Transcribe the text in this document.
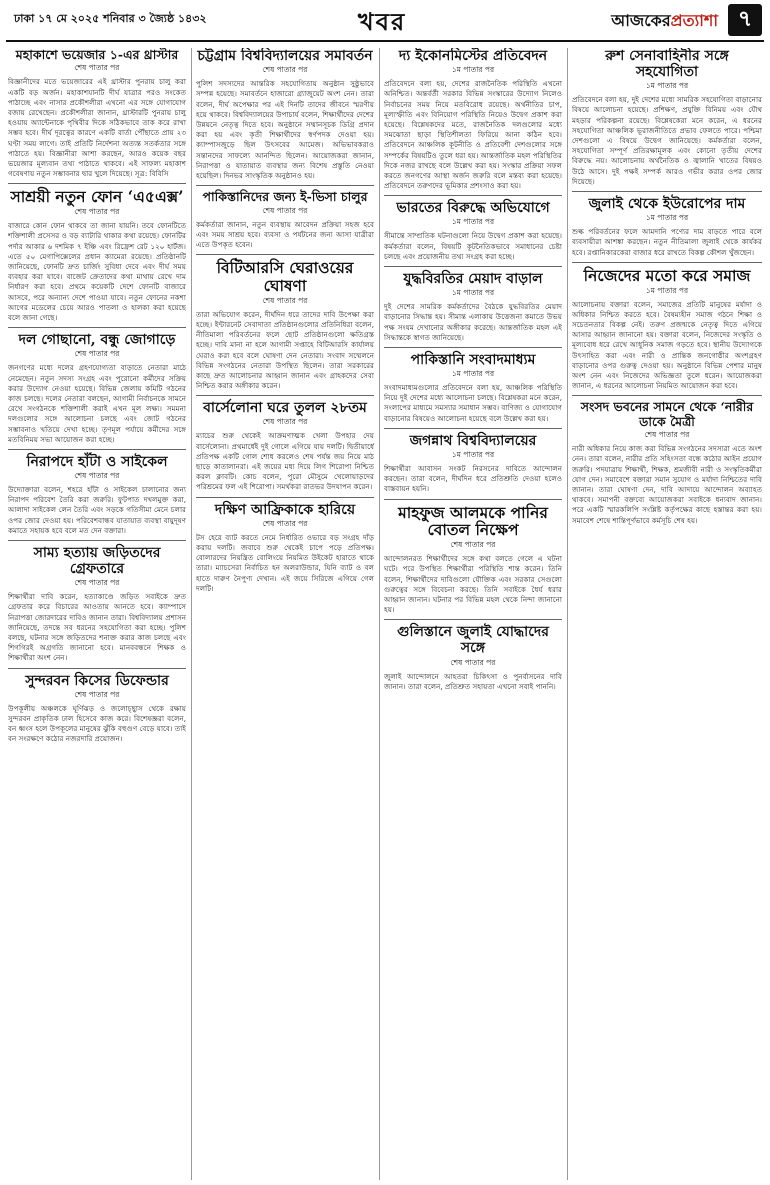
ঢাকা ১৭ মে ২০২৫ শনিবার ৩ জ্যৈষ্ঠ ১৪৩২	খবর	আজকেরপ্রত্যাশা ৭
মহাকাশে ভয়েজার ১-এর থ্রাস্টার
শেষ পাতার পর

বিজ্ঞানীদের মতে ভয়েজারের এই থ্রাস্টার পুনরায় চালু করা একটি বড় অর্জন। মহাকাশযানটি দীর্ঘ যাত্রার পরও সংকেত পাঠাচ্ছে এবং নাসার প্রকৌশলীরা এখনো এর সঙ্গে যোগাযোগ বজায় রেখেছেন। প্রকৌশলীরা জানান, থ্রাস্টারটি পুনরায় চালু হওয়ায় অ্যান্টেনাকে পৃথিবীর দিকে সঠিকভাবে তাক করে রাখা সম্ভব হবে। দীর্ঘ দূরত্বের কারণে একটি বার্তা পৌঁছাতে প্রায় ২৩ ঘণ্টা সময় লাগে। তাই প্রতিটি নির্দেশনা অত্যন্ত সতর্কতার সঙ্গে পাঠাতে হয়। বিজ্ঞানীরা আশা করছেন, আরও কয়েক বছর ভয়েজার মূল্যবান তথ্য পাঠাতে থাকবে। এই সাফল্য মহাকাশ গবেষণায় নতুন সম্ভাবনার দ্বার খুলে দিয়েছে। সূত্র: বিবিসি

সাশ্রয়ী নতুন ফোন ‘এ৫এক্স’
শেষ পাতার পর

বাজারে কোন ফোন থাকবে তা জানা যায়নি। তবে ফোনটিতে শক্তিশালী প্রসেসর ও বড় ব্যাটারি থাকার কথা রয়েছে। ফোনটির পর্দার আকার ৬ দশমিক ৭ ইঞ্চি এবং রিফ্রেশ রেট ১২০ হার্টজ। এতে ৫০ মেগাপিক্সেলের প্রধান ক্যামেরা রয়েছে। প্রতিষ্ঠানটি জানিয়েছে, ফোনটি দ্রুত চার্জিং সুবিধা দেবে এবং দীর্ঘ সময় ব্যবহার করা যাবে। বাজেট ক্রেতাদের কথা মাথায় রেখে দাম নির্ধারণ করা হবে। প্রথমে কয়েকটি দেশে ফোনটি বাজারে আসবে, পরে অন্যান্য দেশে পাওয়া যাবে। নতুন ফোনের নকশা আগের মডেলের চেয়ে আরও পাতলা ও হালকা করা হয়েছে বলে জানা গেছে।

দল গোছানো, বন্ধু জোগাড়ে
শেষ পাতার পর

জনগণের মধ্যে দলের গ্রহণযোগ্যতা বাড়াতে নেতারা মাঠে নেমেছেন। নতুন সদস্য সংগ্রহ এবং পুরোনো কর্মীদের সক্রিয় করার উদ্যোগ নেওয়া হয়েছে। বিভিন্ন জেলায় কমিটি গঠনের কাজ চলছে। দলের নেতারা বলছেন, আগামী নির্বাচনকে সামনে রেখে সংগঠনকে শক্তিশালী করাই এখন মূল লক্ষ্য। সমমনা দলগুলোর সঙ্গে আলোচনা চলছে এবং জোট গঠনের সম্ভাবনাও খতিয়ে দেখা হচ্ছে। তৃণমূল পর্যায়ে কর্মীদের সঙ্গে মতবিনিময় সভা আয়োজন করা হচ্ছে।

নিরাপদে হাঁটা ও সাইকেল
শেষ পাতার পর

উদ্যোক্তারা বলেন, শহরে হাঁটা ও সাইকেল চালানোর জন্য নিরাপদ পরিবেশ তৈরি করা জরুরি। ফুটপাত দখলমুক্ত করা, আলাদা সাইকেল লেন তৈরি এবং সড়কে গতিসীমা মেনে চলার ওপর জোর দেওয়া হয়। পরিবেশবান্ধব যাতায়াত ব্যবস্থা বায়ুদূষণ কমাতে সহায়ক হবে বলে মত দেন বক্তারা।

সাম্য হত্যায় জড়িতদের গ্রেফতারে
শেষ পাতার পর

শিক্ষার্থীরা দাবি করেন, হত্যাকাণ্ডে জড়িত সবাইকে দ্রুত গ্রেফতার করে বিচারের আওতায় আনতে হবে। ক্যাম্পাসে নিরাপত্তা জোরদারের দাবিও জানান তারা। বিশ্ববিদ্যালয় প্রশাসন জানিয়েছে, তদন্তে সব ধরনের সহযোগিতা করা হচ্ছে। পুলিশ বলছে, ঘটনার সঙ্গে জড়িতদের শনাক্ত করার কাজ চলছে এবং শিগগিরই অগ্রগতি জানানো হবে। মানববন্ধনে শিক্ষক ও শিক্ষার্থীরা অংশ নেন।

সুন্দরবন কিসের ডিফেন্ডার
শেষ পাতার পর

উপকূলীয় অঞ্চলকে ঘূর্ণিঝড় ও জলোচ্ছ্বাস থেকে রক্ষায় সুন্দরবন প্রাকৃতিক ঢাল হিসেবে কাজ করে। বিশেষজ্ঞরা বলেন, বন ধ্বংস হলে উপকূলের মানুষের ঝুঁকি বহুগুণ বেড়ে যাবে। তাই বন সংরক্ষণে কঠোর নজরদারি প্রয়োজন।

চট্টগ্রাম বিশ্ববিদ্যালয়ের সমাবর্তন
শেষ পাতার পর

পুলিশ সদস্যদের আন্তরিক সহযোগিতায় অনুষ্ঠান সুষ্ঠুভাবে সম্পন্ন হয়েছে। সমাবর্তনে হাজারো গ্র্যাজুয়েট অংশ নেন। তারা বলেন, দীর্ঘ অপেক্ষার পর এই দিনটি তাদের জীবনে স্মরণীয় হয়ে থাকবে। বিশ্ববিদ্যালয়ের উপাচার্য বলেন, শিক্ষার্থীদের দেশের উন্নয়নে নেতৃত্ব দিতে হবে। অনুষ্ঠানে সম্মানসূচক ডিগ্রি প্রদান করা হয় এবং কৃতী শিক্ষার্থীদের স্বর্ণপদক দেওয়া হয়। ক্যাম্পাসজুড়ে ছিল উৎসবের আমেজ। অভিভাবকরাও সন্তানদের সাফল্যে আনন্দিত ছিলেন। আয়োজকরা জানান, নিরাপত্তা ও যাতায়াত ব্যবস্থার জন্য বিশেষ প্রস্তুতি নেওয়া হয়েছিল। দিনভর সাংস্কৃতিক অনুষ্ঠানও হয়।

পাকিস্তানিদের জন্য ই-ভিসা চালুর
শেষ পাতার পর

কর্মকর্তারা জানান, নতুন ব্যবস্থায় আবেদন প্রক্রিয়া সহজ হবে এবং সময় সাশ্রয় হবে। ব্যবসা ও পর্যটনের জন্য আসা যাত্রীরা এতে উপকৃত হবেন।

বিটিআরসি ঘেরাওয়ের ঘোষণা
শেষ পাতার পর

তারা অভিযোগ করেন, দীর্ঘদিন ধরে তাদের দাবি উপেক্ষা করা হচ্ছে। ইন্টারনেট সেবাদাতা প্রতিষ্ঠানগুলোর প্রতিনিধিরা বলেন, নীতিমালা পরিবর্তনের ফলে ছোট প্রতিষ্ঠানগুলো ক্ষতিগ্রস্ত হচ্ছে। দাবি মানা না হলে আগামী সপ্তাহে বিটিআরসি কার্যালয় ঘেরাও করা হবে বলে ঘোষণা দেন নেতারা। সংবাদ সম্মেলনে বিভিন্ন সংগঠনের নেতারা উপস্থিত ছিলেন। তারা সরকারের কাছে দ্রুত আলোচনার আহ্বান জানান এবং গ্রাহকদের সেবা নিশ্চিত করার অঙ্গীকার করেন।

বার্সেলোনা ঘরে তুলল ২৮তম
শেষ পাতার পর

ম্যাচের শুরু থেকেই আক্রমণাত্মক খেলা উপহার দেয় বার্সেলোনা। প্রথমার্ধেই দুই গোলে এগিয়ে যায় দলটি। দ্বিতীয়ার্ধে প্রতিপক্ষ একটি গোল শোধ করলেও শেষ পর্যন্ত জয় নিয়ে মাঠ ছাড়ে কাতালানরা। এই জয়ের মধ্য দিয়ে লিগ শিরোপা নিশ্চিত করল ক্লাবটি। কোচ বলেন, পুরো মৌসুমে খেলোয়াড়দের পরিশ্রমের ফল এই শিরোপা। সমর্থকরা রাতভর উদযাপন করেন।

দক্ষিণ আফ্রিকাকে হারিয়ে
শেষ পাতার পর

টস হেরে ব্যাট করতে নেমে নির্ধারিত ওভারে বড় সংগ্রহ দাঁড় করায় দলটি। জবাবে শুরু থেকেই চাপে পড়ে প্রতিপক্ষ। বোলারদের নিয়ন্ত্রিত বোলিংয়ে নিয়মিত উইকেট হারাতে থাকে তারা। ম্যাচসেরা নির্বাচিত হন অলরাউন্ডার, যিনি ব্যাট ও বল হাতে দারুণ নৈপুণ্য দেখান। এই জয়ে সিরিজে এগিয়ে গেল দলটি।

দ্য ইকোনমিস্টের প্রতিবেদন
১ম পাতার পর

প্রতিবেদনে বলা হয়, দেশের রাজনৈতিক পরিস্থিতি এখনো অনিশ্চিত। অন্তর্বর্তী সরকার বিভিন্ন সংস্কারের উদ্যোগ নিলেও নির্বাচনের সময় নিয়ে মতবিরোধ রয়েছে। অর্থনীতির চাপ, মূল্যস্ফীতি এবং বিনিয়োগ পরিস্থিতি নিয়েও উদ্বেগ প্রকাশ করা হয়েছে। বিশ্লেষকদের মতে, রাজনৈতিক দলগুলোর মধ্যে সমঝোতা ছাড়া স্থিতিশীলতা ফিরিয়ে আনা কঠিন হবে। প্রতিবেদনে আঞ্চলিক কূটনীতি ও প্রতিবেশী দেশগুলোর সঙ্গে সম্পর্কের বিষয়টিও তুলে ধরা হয়। আন্তর্জাতিক মহল পরিস্থিতির দিকে নজর রাখছে বলে উল্লেখ করা হয়। সংস্কার প্রক্রিয়া সফল করতে জনগণের আস্থা অর্জন জরুরি বলে মন্তব্য করা হয়েছে। প্রতিবেদনে তরুণদের ভূমিকার প্রশংসাও করা হয়।

ভারতের বিরুদ্ধে অভিযোগে
১ম পাতার পর

সীমান্তে সাম্প্রতিক ঘটনাগুলো নিয়ে উদ্বেগ প্রকাশ করা হয়েছে। কর্মকর্তারা বলেন, বিষয়টি কূটনৈতিকভাবে সমাধানের চেষ্টা চলছে এবং প্রয়োজনীয় তথ্য সংগ্রহ করা হচ্ছে।

যুদ্ধবিরতির মেয়াদ বাড়াল
১ম পাতার পর

দুই দেশের সামরিক কর্মকর্তাদের বৈঠকে যুদ্ধবিরতির মেয়াদ বাড়ানোর সিদ্ধান্ত হয়। সীমান্ত এলাকায় উত্তেজনা কমাতে উভয় পক্ষ সংযম দেখানোর অঙ্গীকার করেছে। আন্তর্জাতিক মহল এই সিদ্ধান্তকে স্বাগত জানিয়েছে।

পাকিস্তানি সংবাদমাধ্যম
১ম পাতার পর

সংবাদমাধ্যমগুলোর প্রতিবেদনে বলা হয়, আঞ্চলিক পরিস্থিতি নিয়ে দুই দেশের মধ্যে আলোচনা চলছে। বিশ্লেষকরা মনে করেন, সংলাপের মাধ্যমে সমস্যার সমাধান সম্ভব। বাণিজ্য ও যোগাযোগ বাড়ানোর বিষয়েও আলোচনা হয়েছে বলে উল্লেখ করা হয়।

জগন্নাথ বিশ্ববিদ্যালয়ের
১ম পাতার পর

শিক্ষার্থীরা আবাসন সংকট নিরসনের দাবিতে আন্দোলন করছেন। তারা বলেন, দীর্ঘদিন ধরে প্রতিশ্রুতি দেওয়া হলেও বাস্তবায়ন হয়নি।

মাহফুজ আলমকে পানির বোতল নিক্ষেপ
শেষ পাতার পর

আন্দোলনরত শিক্ষার্থীদের সঙ্গে কথা বলতে গেলে এ ঘটনা ঘটে। পরে উপস্থিত শিক্ষার্থীরা পরিস্থিতি শান্ত করেন। তিনি বলেন, শিক্ষার্থীদের দাবিগুলো যৌক্তিক এবং সরকার সেগুলো গুরুত্বের সঙ্গে বিবেচনা করছে। তিনি সবাইকে ধৈর্য ধরার আহ্বান জানান। ঘটনার পর বিভিন্ন মহল থেকে নিন্দা জানানো হয়।

গুলিস্তানে জুলাই যোদ্ধাদের সঙ্গে
শেষ পাতার পর

জুলাই আন্দোলনে আহতরা চিকিৎসা ও পুনর্বাসনের দাবি জানান। তারা বলেন, প্রতিশ্রুত সহায়তা এখনো সবাই পাননি।

রুশ সেনাবাহিনীর সঙ্গে সহযোগিতা
১ম পাতার পর

প্রতিবেদনে বলা হয়, দুই দেশের মধ্যে সামরিক সহযোগিতা বাড়ানোর বিষয়ে আলোচনা হয়েছে। প্রশিক্ষণ, প্রযুক্তি বিনিময় এবং যৌথ মহড়ার পরিকল্পনা রয়েছে। বিশ্লেষকেরা মনে করেন, এ ধরনের সহযোগিতা আঞ্চলিক ভূরাজনীতিতে প্রভাব ফেলতে পারে। পশ্চিমা দেশগুলো এ বিষয়ে উদ্বেগ জানিয়েছে। কর্মকর্তারা বলেন, সহযোগিতা সম্পূর্ণ প্রতিরক্ষামূলক এবং কোনো তৃতীয় দেশের বিরুদ্ধে নয়। আলোচনায় অর্থনৈতিক ও জ্বালানি খাতের বিষয়ও উঠে আসে। দুই পক্ষই সম্পর্ক আরও গভীর করার ওপর জোর দিয়েছে।

জুলাই থেকে ইউরোপের দাম
১ম পাতার পর

শুল্ক পরিবর্তনের ফলে আমদানি পণ্যের দাম বাড়তে পারে বলে ব্যবসায়ীরা আশঙ্কা করছেন। নতুন নীতিমালা জুলাই থেকে কার্যকর হবে। রপ্তানিকারকেরা বাজার ধরে রাখতে বিকল্প কৌশল খুঁজছেন।

নিজেদের মতো করে সমাজ
১ম পাতার পর

আলোচনায় বক্তারা বলেন, সমাজের প্রতিটি মানুষের মর্যাদা ও অধিকার নিশ্চিত করতে হবে। বৈষম্যহীন সমাজ গঠনে শিক্ষা ও সচেতনতার বিকল্প নেই। তরুণ প্রজন্মকে নেতৃত্ব দিতে এগিয়ে আসার আহ্বান জানানো হয়। বক্তারা বলেন, নিজেদের সংস্কৃতি ও মূল্যবোধ ধরে রেখে আধুনিক সমাজ গড়তে হবে। স্থানীয় উদ্যোগকে উৎসাহিত করা এবং নারী ও প্রান্তিক জনগোষ্ঠীর অংশগ্রহণ বাড়ানোর ওপর গুরুত্ব দেওয়া হয়। অনুষ্ঠানে বিভিন্ন পেশার মানুষ অংশ নেন এবং নিজেদের অভিজ্ঞতা তুলে ধরেন। আয়োজকরা জানান, এ ধরনের আলোচনা নিয়মিত আয়োজন করা হবে।

সংসদ ভবনের সামনে থেকে ‘নারীর ডাকে মৈত্রী
শেষ পাতার পর

নারী অধিকার নিয়ে কাজ করা বিভিন্ন সংগঠনের সদস্যরা এতে অংশ নেন। তারা বলেন, নারীর প্রতি সহিংসতা বন্ধে কঠোর আইন প্রয়োগ জরুরি। পদযাত্রায় শিক্ষার্থী, শিক্ষক, শ্রমজীবী নারী ও সংস্কৃতিকর্মীরা যোগ দেন। সমাবেশে বক্তারা সমান সুযোগ ও মর্যাদা নিশ্চিতের দাবি জানান। তারা ঘোষণা দেন, দাবি আদায়ে আন্দোলন অব্যাহত থাকবে। সমাপনী বক্তব্যে আয়োজকরা সবাইকে ধন্যবাদ জানান। পরে একটি স্মারকলিপি সংশ্লিষ্ট কর্তৃপক্ষের কাছে হস্তান্তর করা হয়। সমাবেশ শেষে শান্তিপূর্ণভাবে কর্মসূচি শেষ হয়।
